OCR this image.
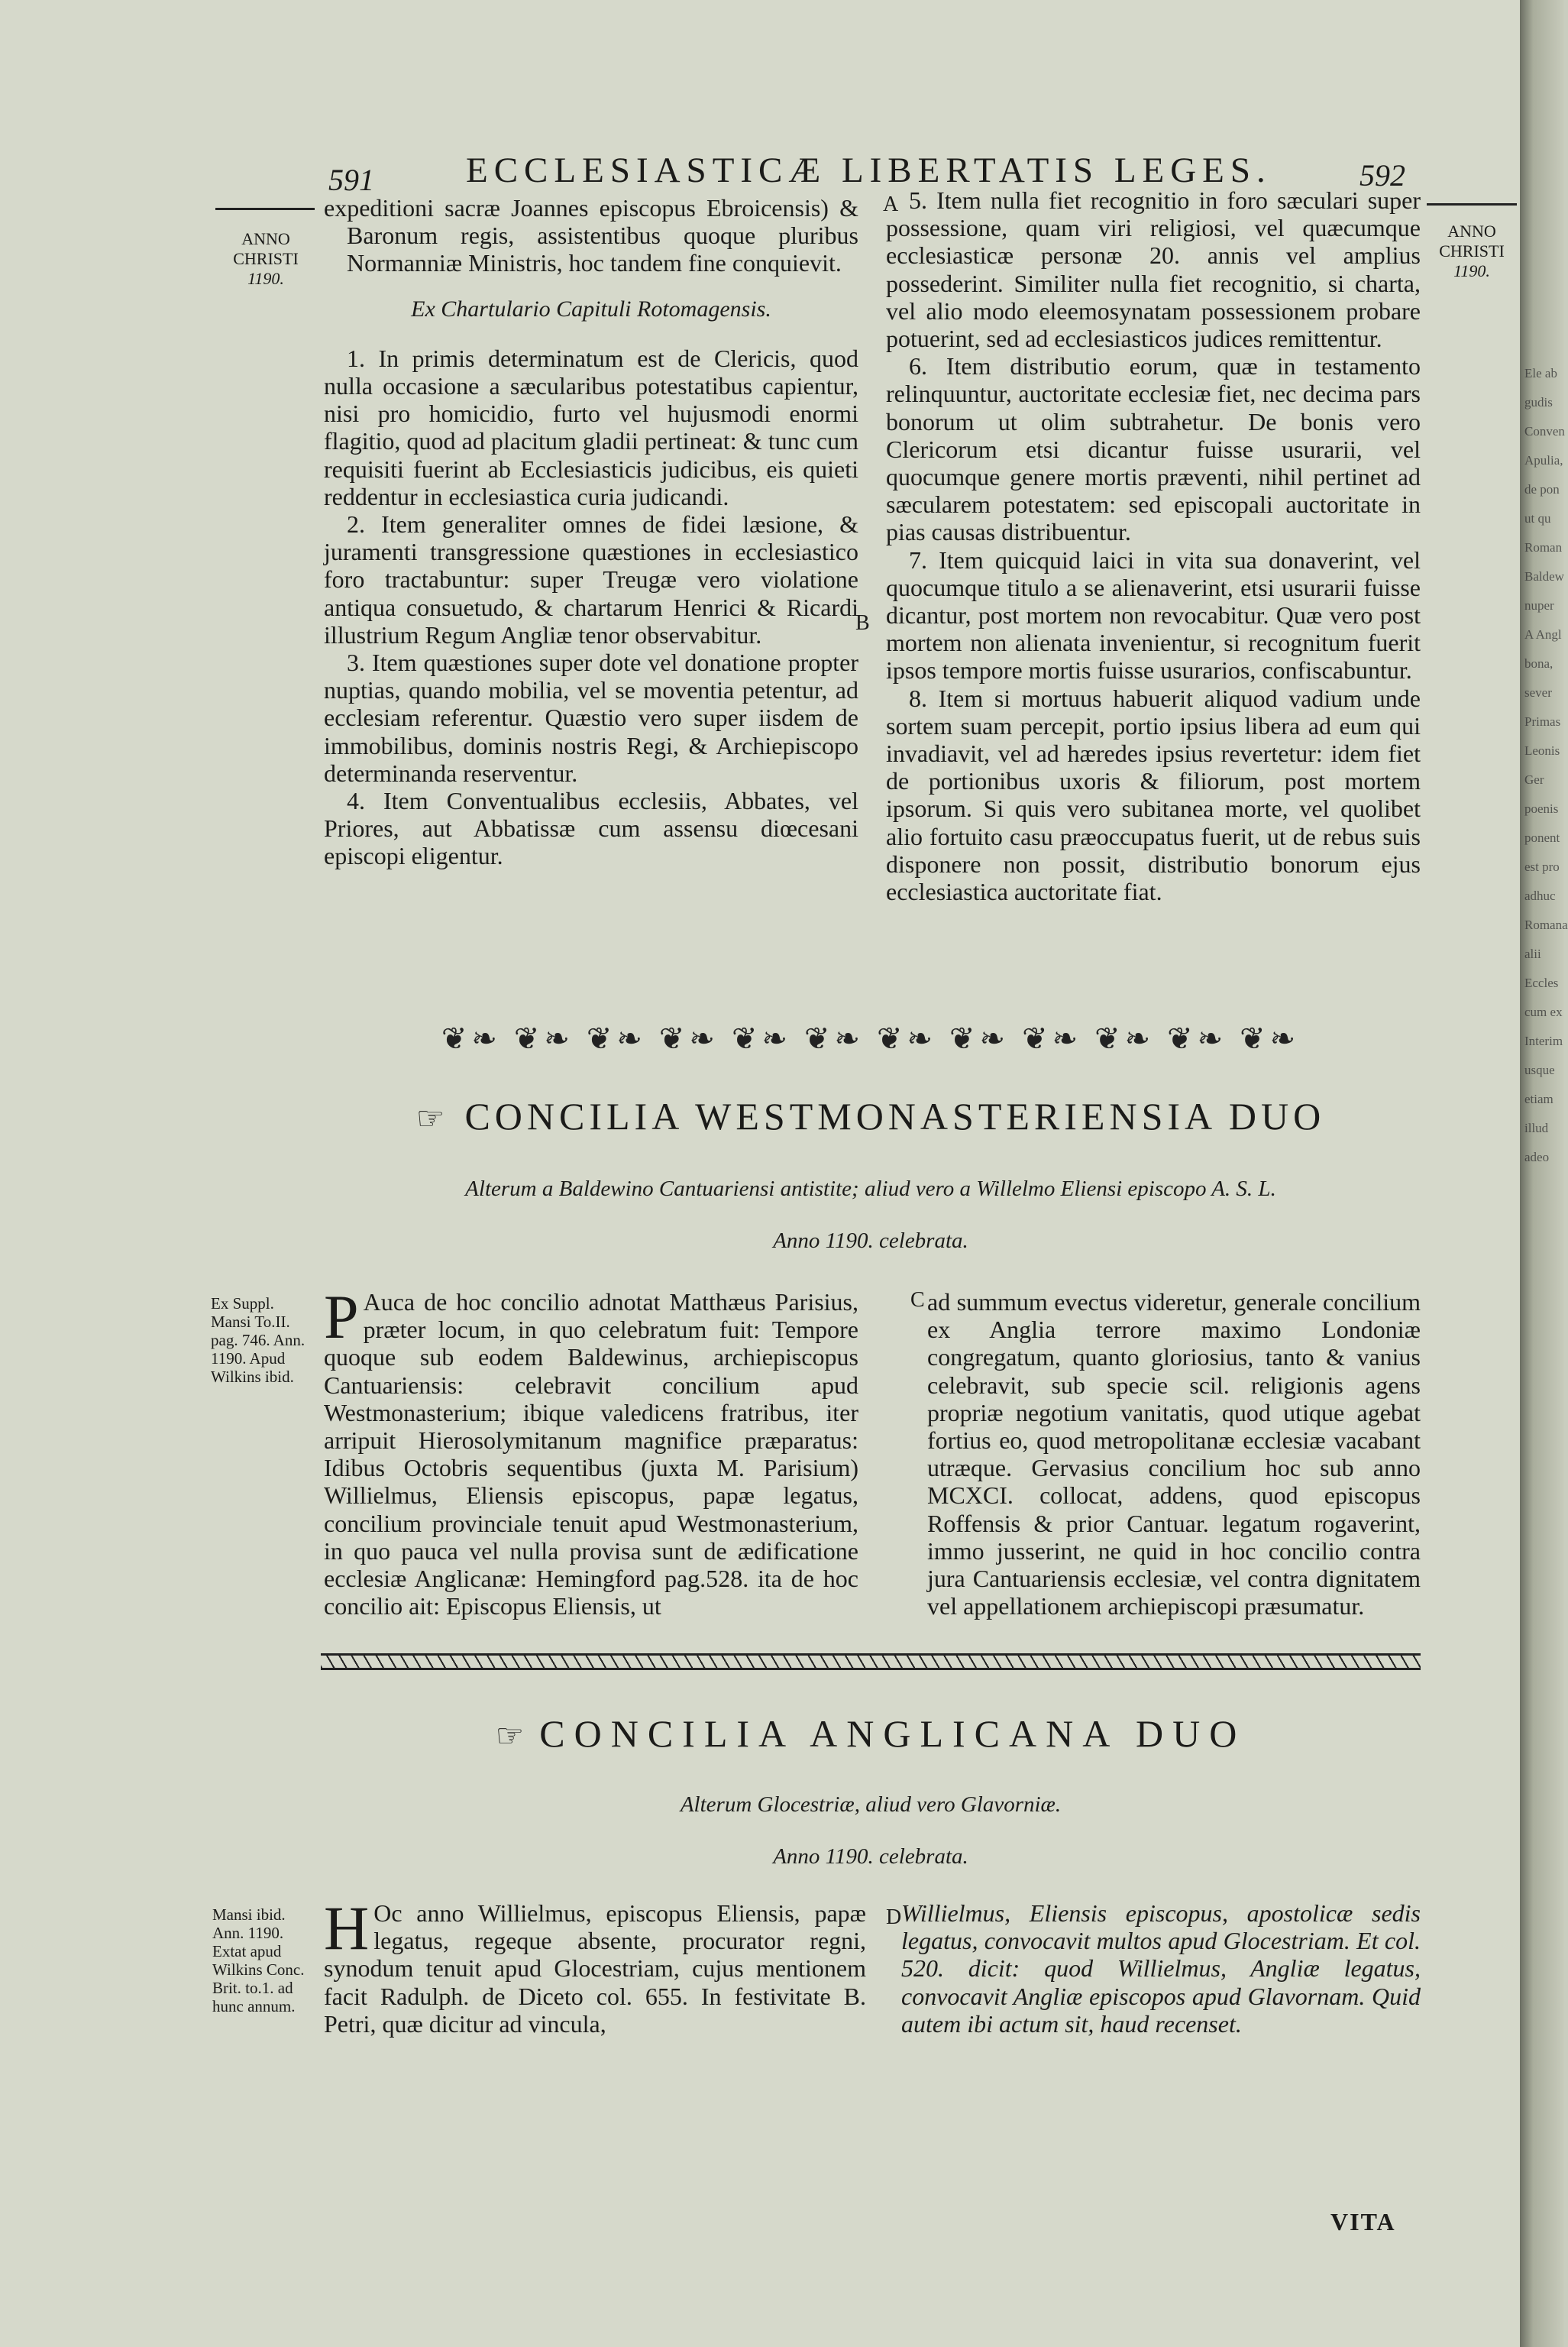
591	ECCLESIASTICÆ LIBERTATIS LEGES.	592
ANNO
CHRISTI
1190.
ANNO
CHRISTI
1190.
A
B
C
D

expeditioni sacræ Joannes episcopus Ebroicensis) & Baronum regis, assistentibus quoque pluribus Normanniæ Ministris, hoc tandem fine conquievit.

Ex Chartulario Capituli Rotomagensis.

1. In primis determinatum est de Clericis, quod nulla occasione a sæcularibus potestatibus capientur, nisi pro homicidio, furto vel hujusmodi enormi flagitio, quod ad placitum gladii pertineat: & tunc cum requisiti fuerint ab Ecclesiasticis judicibus, eis quieti reddentur in ecclesiastica curia judicandi.

2. Item generaliter omnes de fidei læsione, & juramenti transgressione quæstiones in ecclesiastico foro tractabuntur: super Treugæ vero violatione antiqua consuetudo, & chartarum Henrici & Ricardi illustrium Regum Angliæ tenor observabitur.

3. Item quæstiones super dote vel donatione propter nuptias, quando mobilia, vel se moventia petentur, ad ecclesiam referentur. Quæstio vero super iisdem de immobilibus, dominis nostris Regi, & Archiepiscopo determinanda reserventur.

4. Item Conventualibus ecclesiis, Abbates, vel Priores, aut Abbatissæ cum assensu diœcesani episcopi eligentur.

5. Item nulla fiet recognitio in foro sæculari super possessione, quam viri religiosi, vel quæcumque ecclesiasticæ personæ 20. annis vel amplius possederint. Similiter nulla fiet recognitio, si charta, vel alio modo eleemosynatam possessionem probare potuerint, sed ad ecclesiasticos judices remittentur.

6. Item distributio eorum, quæ in testamento relinquuntur, auctoritate ecclesiæ fiet, nec decima pars bonorum ut olim subtrahetur. De bonis vero Clericorum etsi dicantur fuisse usurarii, vel quocumque genere mortis præventi, nihil pertinet ad sæcularem potestatem: sed episcopali auctoritate in pias causas distribuentur.

7. Item quicquid laici in vita sua donaverint, vel quocumque titulo a se alienaverint, etsi usurarii fuisse dicantur, post mortem non revocabitur. Quæ vero post mortem non alienata invenientur, si recognitum fuerit ipsos tempore mortis fuisse usurarios, confiscabuntur.

8. Item si mortuus habuerit aliquod vadium unde sortem suam percepit, portio ipsius libera ad eum qui invadiavit, vel ad hæredes ipsius revertetur: idem fiet de portionibus uxoris & filiorum, post mortem ipsorum. Si quis vero subitanea morte, vel quolibet alio fortuito casu præoccupatus fuerit, ut de rebus suis disponere non possit, distributio bonorum ejus ecclesiastica auctoritate fiat.

❦❧ ❦❧ ❦❧ ❦❧ ❦❧ ❦❧ ❦❧ ❦❧ ❦❧ ❦❧ ❦❧ ❦❧
☞ CONCILIA WESTMONASTERIENSIA DUO
Alterum a Baldewino Cantuariensi antistite; aliud vero a Willelmo Eliensi episcopo A. S. L.
Anno 1190. celebrata.
Ex Suppl. Mansi To.II. pag. 746. Ann. 1190. Apud Wilkins ibid.

P Auca de hoc concilio adnotat Matthæus Parisius, præter locum, in quo celebratum fuit: Tempore quoque sub eodem Baldewinus, archiepiscopus Cantuariensis: celebravit concilium apud Westmonasterium; ibique valedicens fratribus, iter arripuit Hierosolymitanum magnifice præparatus: Idibus Octobris sequentibus (juxta M. Parisium) Willielmus, Eliensis episcopus, papæ legatus, concilium provinciale tenuit apud Westmonasterium, in quo pauca vel nulla provisa sunt de ædificatione ecclesiæ Anglicanæ: Hemingford pag.528. ita de hoc concilio ait: Episcopus Eliensis, ut

ad summum evectus videretur, generale concilium ex Anglia terrore maximo Londoniæ congregatum, quanto gloriosius, tanto & vanius celebravit, sub specie scil. religionis agens propriæ negotium vanitatis, quod utique agebat fortius eo, quod metropolitanæ ecclesiæ vacabant utræque. Gervasius concilium hoc sub anno MCXCI. collocat, addens, quod episcopus Roffensis & prior Cantuar. legatum rogaverint, immo jusserint, ne quid in hoc concilio contra jura Cantuariensis ecclesiæ, vel contra dignitatem vel appellationem archiepiscopi præsumatur.

☞ CONCILIA ANGLICANA DUO
Alterum Glocestriæ, aliud vero Glavorniæ.
Anno 1190. celebrata.
Mansi ibid. Ann. 1190. Extat apud Wilkins Conc. Brit. to.1. ad hunc annum.

H Oc anno Willielmus, episcopus Eliensis, papæ legatus, regeque absente, procurator regni, synodum tenuit apud Glocestriam, cujus mentionem facit Radulph. de Diceto col. 655. In festivitate B. Petri, quæ dicitur ad vincula,

Willielmus, Eliensis episcopus, apostolicæ sedis legatus, convocavit multos apud Glocestriam. Et col. 520. dicit: quod Willielmus, Angliæ legatus, convocavit Angliæ episcopos apud Glavornam. Quid autem ibi actum sit, haud recenset.

VITA
Ele ab gudis Conven Apulia, de pon ut qu Roman Baldew nuper A Angl bona, sever Primas Leonis Ger poenis ponent est pro adhuc Romana alii Eccles cum ex Interim usque etiam illud adeo
